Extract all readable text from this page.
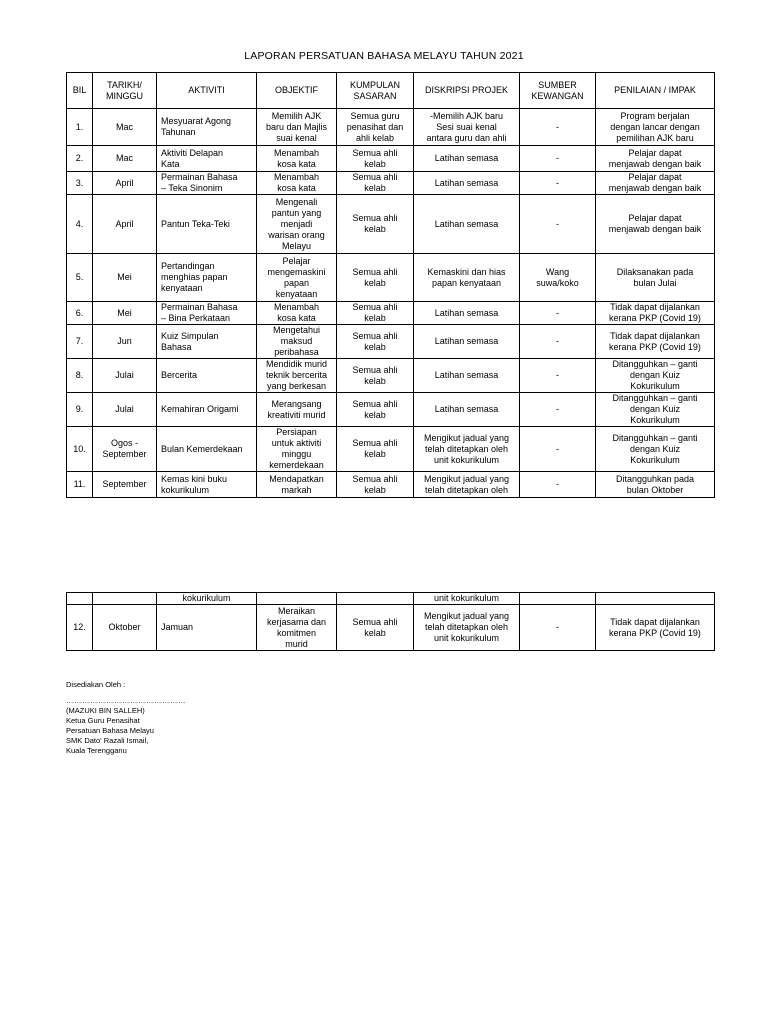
LAPORAN PERSATUAN BAHASA MELAYU TAHUN 2021
BIL	TARIKH/
MINGGU	AKTIVITI	OBJEKTIF	KUMPULAN
SASARAN	DISKRIPSI PROJEK	SUMBER
KEWANGAN	PENILAIAN / IMPAK
1.	Mac	Mesyuarat Agong
Tahunan	Memilih AJK
baru dan Majlis
suai kenal	Semua guru
penasihat dan
ahli kelab	-Memilih AJK baru
Sesi suai kenal
antara guru dan ahli	-	Program berjalan
dengan lancar dengan
pemilihan AJK baru
2.	Mac	Aktiviti Delapan
Kata	Menambah
kosa kata	Semua ahli
kelab	Latihan semasa	-	Pelajar dapat
menjawab dengan baik
3.	April	Permainan Bahasa
– Teka Sinonim	Menambah
kosa kata	Semua ahli
kelab	Latihan semasa	-	Pelajar dapat
menjawab dengan baik
4.	April	Pantun Teka-Teki	Mengenali
pantun yang
menjadi
warisan orang
Melayu	Semua ahli
kelab	Latihan semasa	-	Pelajar dapat
menjawab dengan baik
5.	Mei	Pertandingan
menghias papan
kenyataan	Pelajar
mengemaskini
papan
kenyataan	Semua ahli
kelab	Kemaskini dan hias
papan kenyataan	Wang
suwa/koko	Dilaksanakan pada
bulan Julai
6.	Mei	Permainan Bahasa
– Bina Perkataan	Menambah
kosa kata	Semua ahli
kelab	Latihan semasa	-	Tidak dapat dijalankan
kerana PKP (Covid 19)
7.	Jun	Kuiz Simpulan
Bahasa	Mengetahui
maksud
peribahasa	Semua ahli
kelab	Latihan semasa	-	Tidak dapat dijalankan
kerana PKP (Covid 19)
8.	Julai	Bercerita	Mendidik murid
teknik bercerita
yang berkesan	Semua ahli
kelab	Latihan semasa	-	Ditangguhkan – ganti
dengan Kuiz
Kokurikulum
9.	Julai	Kemahiran Origami	Merangsang
kreativiti murid	Semua ahli
kelab	Latihan semasa	-	Ditangguhkan – ganti
dengan Kuiz
Kokurikulum
10.	Ogos -
September	Bulan Kemerdekaan	Persiapan
untuk aktiviti
minggu
kemerdekaan	Semua ahli
kelab	Mengikut jadual yang
telah ditetapkan oleh
unit kokurikulum	-	Ditangguhkan – ganti
dengan Kuiz
Kokurikulum
11.	September	Kemas kini buku
kokurikulum	Mendapatkan
markah	Semua ahli
kelab	Mengikut jadual yang
telah ditetapkan oleh	-	Ditangguhkan pada
bulan Oktober
		kokurikulum			unit kokurikulum		
12.	Oktober	Jamuan	Meraikan
kerjasama dan
komitmen
murid	Semua ahli
kelab	Mengikut jadual yang
telah ditetapkan oleh
unit kokurikulum	-	Tidak dapat dijalankan
kerana PKP (Covid 19)
Disediakan Oleh :
………………………………………
(MAZUKI BIN SALLEH)
Ketua Guru Penasihat
Persatuan Bahasa Melayu
SMK Dato' Razali Ismail,
Kuala Terengganu
